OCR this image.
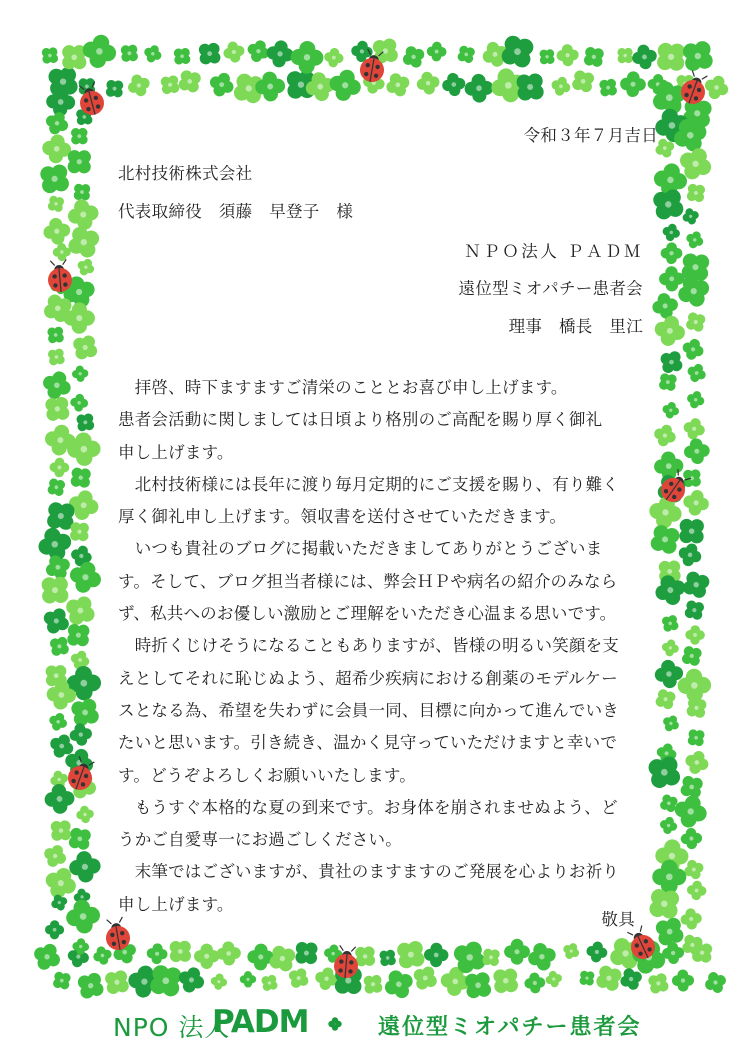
令和３年７月吉日
北村技術株式会社
代表取締役　須藤　早登子　様
ＮＰＯ法人 ＰＡＤＭ
遠位型ミオパチー患者会
理事　橋長　里江
　拝啓、時下ますますご清栄のこととお喜び申し上げます。
患者会活動に関しましては日頃より格別のご高配を賜り厚く御礼
申し上げます。
　北村技術様には長年に渡り毎月定期的にご支援を賜り、有り難く
厚く御礼申し上げます。領収書を送付させていただきます。
　いつも貴社のブログに掲載いただきましてありがとうございま
す。そして、ブログ担当者様には、弊会ＨＰや病名の紹介のみなら
ず、私共へのお優しい激励とご理解をいただき心温まる思いです。
　時折くじけそうになることもありますが、皆様の明るい笑顔を支
えとしてそれに恥じぬよう、超希少疾病における創薬のモデルケー
スとなる為、希望を失わずに会員一同、目標に向かって進んでいき
たいと思います。引き続き、温かく見守っていただけますと幸いで
す。どうぞよろしくお願いいたします。
　もうすぐ本格的な夏の到来です。お身体を崩されませぬよう、ど
うかご自愛専一にお過ごしください。
　末筆ではございますが、貴社のますますのご発展を心よりお祈り
申し上げます。
敬具
NPO 法人
PADM	遠位型ミオパチー患者会
